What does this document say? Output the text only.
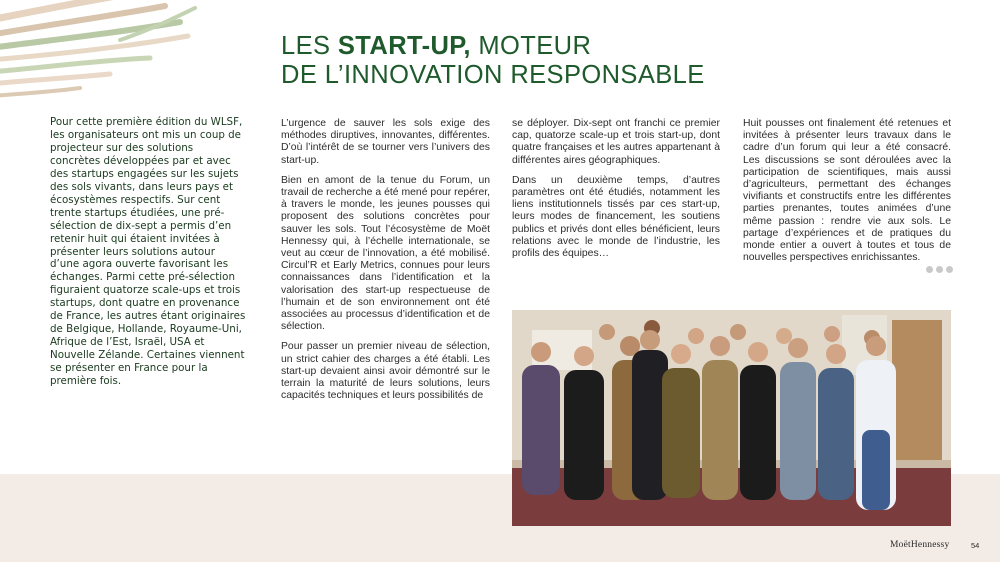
LES START-UP, MOTEUR
DE L’INNOVATION RESPONSABLE
Pour cette première édition du WLSF, les organisateurs ont mis un coup de projecteur sur des solutions concrètes développées par et avec des startups engagées sur les sujets des sols vivants, dans leurs pays et écosystèmes respectifs. Sur cent trente startups étudiées, une pré-sélection de dix-sept a permis d’en retenir huit qui étaient invitées à présenter leurs solutions autour d’une agora ouverte favorisant les échanges. Parmi cette pré-sélection figuraient quatorze scale-ups et trois startups, dont quatre en provenance de France, les autres étant originaires de Belgique, Hollande, Royaume-Uni, Afrique de l’Est, Israël, USA et Nouvelle Zélande. Certaines viennent se présenter en France pour la première fois.

L’urgence de sauver les sols exige des méthodes diruptives, innovantes, différentes. D’où l’intérêt de se tourner vers l’univers des start-up.

Bien en amont de la tenue du Forum, un travail de recherche a été mené pour repérer, à travers le monde, les jeunes pousses qui proposent des solutions concrètes pour sauver les sols. Tout l’écosystème de Moët Hennessy qui, à l’échelle internationale, se veut au cœur de l’innovation, a été mobilisé. Circul’R et Early Metrics, connues pour leurs connaissances dans l’identification et la valorisation des start-up respectueuse de l’humain et de son environnement ont été associées au processus d’identification et de sélection.

Pour passer un premier niveau de sélection, un strict cahier des charges a été établi. Les start-up devaient ainsi avoir démontré sur le terrain la maturité de leurs solutions, leurs capacités techniques et leurs possibilités de

se déployer. Dix-sept ont franchi ce premier cap, quatorze scale-up et trois start-up, dont quatre françaises et les autres appartenant à différentes aires géographiques.

Dans un deuxième temps, d’autres paramètres ont été étudiés, notamment les liens institutionnels tissés par ces start-up, leurs modes de financement, les soutiens publics et privés dont elles bénéficient, leurs relations avec le monde de l’industrie, les profils des équipes…

Huit pousses ont finalement été retenues et invitées à présenter leurs travaux dans le cadre d’un forum qui leur a été consacré. Les discussions se sont déroulées avec la participation de scientifiques, mais aussi d’agriculteurs, permettant des échanges vivifiants et constructifs entre les différentes parties prenantes, toutes animées d’une même passion : rendre vie aux sols. Le partage d’expériences et de pratiques du monde entier a ouvert à toutes et tous de nouvelles perspectives enrichissantes.

MoëtHennessy	54
